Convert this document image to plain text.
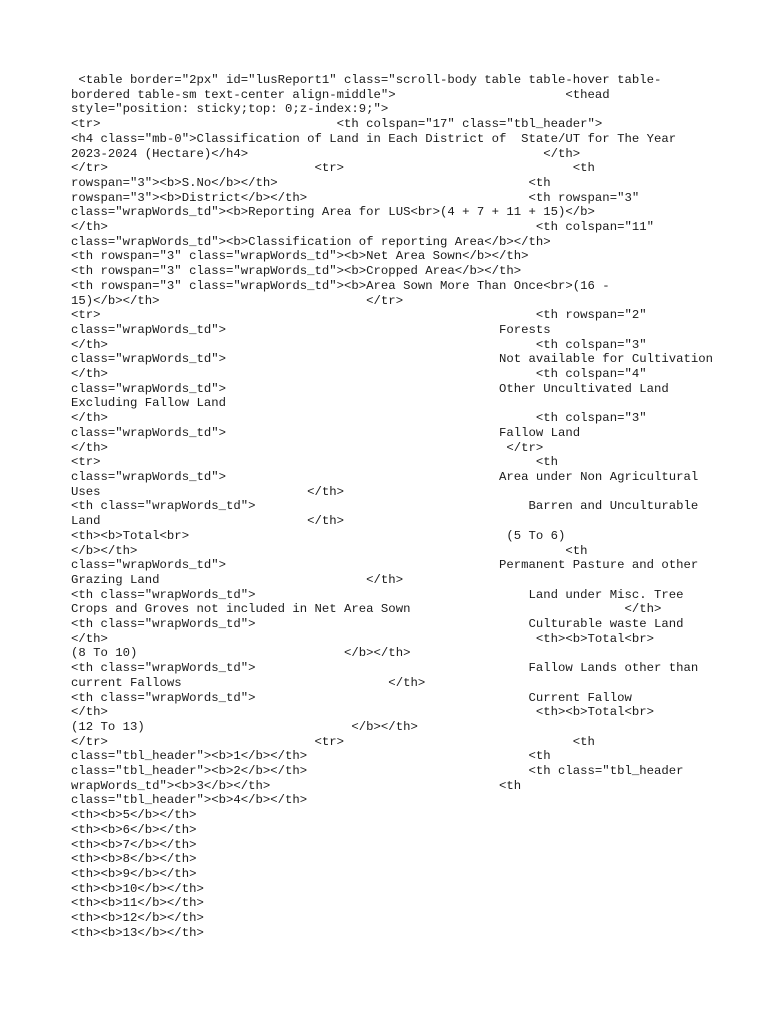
<table border="2px" id="lusReport1" class="scroll-body table table-hover table-
bordered table-sm text-center align-middle">                       <thead
style="position: sticky;top: 0;z-index:9;">
<tr>                                <th colspan="17" class="tbl_header">
<h4 class="mb-0">Classification of Land in Each District of  State/UT for The Year
2023-2024 (Hectare)</h4>                                        </th>
</tr>                            <tr>                               <th
rowspan="3"><b>S.No</b></th>                                  <th
rowspan="3"><b>District</b></th>                              <th rowspan="3"
class="wrapWords_td"><b>Reporting Area for LUS<br>(4 + 7 + 11 + 15)</b>
</th>                                                          <th colspan="11"
class="wrapWords_td"><b>Classification of reporting Area</b></th>
<th rowspan="3" class="wrapWords_td"><b>Net Area Sown</b></th>
<th rowspan="3" class="wrapWords_td"><b>Cropped Area</b></th>
<th rowspan="3" class="wrapWords_td"><b>Area Sown More Than Once<br>(16 -
15)</b></th>                            </tr>
<tr>                                                           <th rowspan="2"
class="wrapWords_td">                                     Forests
</th>                                                          <th colspan="3"
class="wrapWords_td">                                     Not available for Cultivation
</th>                                                          <th colspan="4"
class="wrapWords_td">                                     Other Uncultivated Land
Excluding Fallow Land
</th>                                                          <th colspan="3"
class="wrapWords_td">                                     Fallow Land
</th>                                                      </tr>
<tr>                                                           <th
class="wrapWords_td">                                     Area under Non Agricultural
Uses                            </th>
<th class="wrapWords_td">                                     Barren and Unculturable
Land                            </th>
<th><b>Total<br>                                           (5 To 6)
</b></th>                                                          <th
class="wrapWords_td">                                     Permanent Pasture and other
Grazing Land                            </th>
<th class="wrapWords_td">                                     Land under Misc. Tree
Crops and Groves not included in Net Area Sown                             </th>
<th class="wrapWords_td">                                     Culturable waste Land
</th>                                                          <th><b>Total<br>
(8 To 10)                            </b></th>
<th class="wrapWords_td">                                     Fallow Lands other than
current Fallows                            </th>
<th class="wrapWords_td">                                     Current Fallow
</th>                                                          <th><b>Total<br>
(12 To 13)                            </b></th>
</tr>                            <tr>                               <th
class="tbl_header"><b>1</b></th>                              <th
class="tbl_header"><b>2</b></th>                              <th class="tbl_header
wrapWords_td"><b>3</b></th>                               <th
class="tbl_header"><b>4</b></th>
<th><b>5</b></th>
<th><b>6</b></th>
<th><b>7</b></th>
<th><b>8</b></th>
<th><b>9</b></th>
<th><b>10</b></th>
<th><b>11</b></th>
<th><b>12</b></th>
<th><b>13</b></th>
